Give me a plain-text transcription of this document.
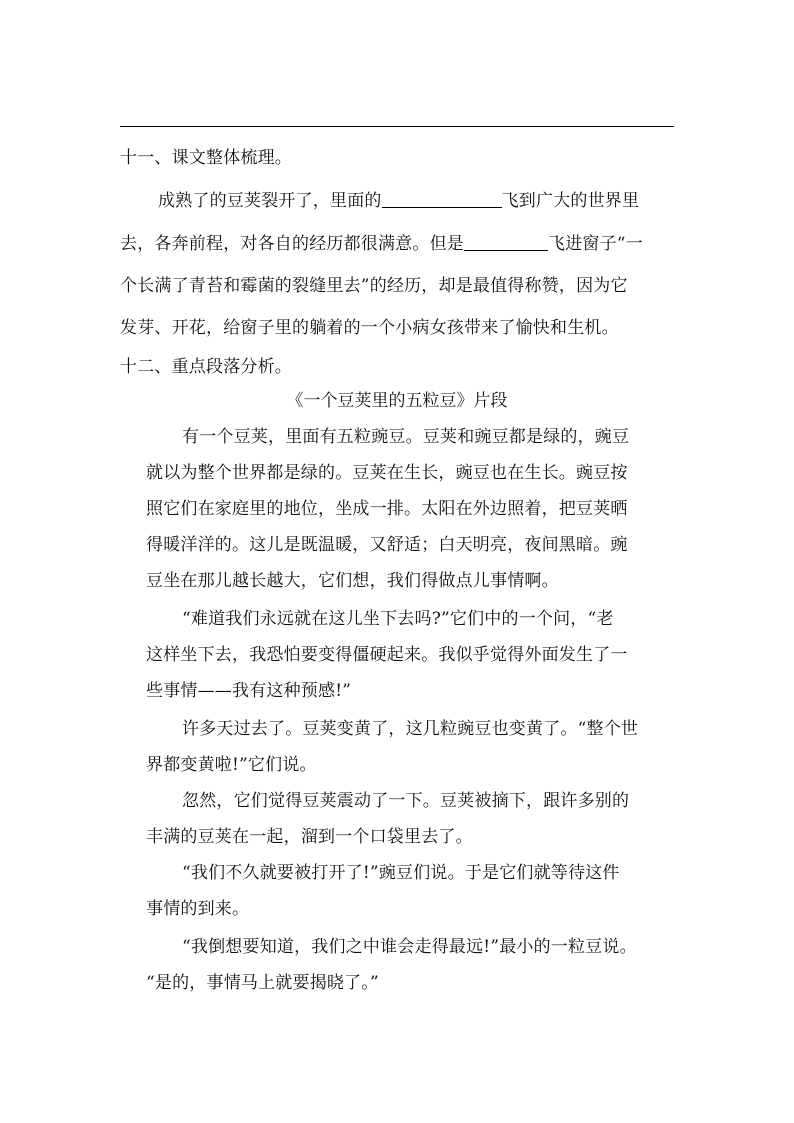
十一、课文整体梳理。
成熟了的豆荚裂开了，里面的	飞到广大的世界里
去，各奔前程，对各自的经历都很满意。但是	飞进窗子“一
个长满了青苔和霉菌的裂缝里去”的经历，却是最值得称赞，因为它
发芽、开花，给窗子里的躺着的一个小病女孩带来了愉快和生机。
十二、重点段落分析。
《一个豆荚里的五粒豆》片段
有一个豆荚，里面有五粒豌豆。豆荚和豌豆都是绿的，豌豆
就以为整个世界都是绿的。豆荚在生长，豌豆也在生长。豌豆按
照它们在家庭里的地位，坐成一排。太阳在外边照着，把豆荚晒
得暖洋洋的。这儿是既温暖，又舒适；白天明亮，夜间黑暗。豌
豆坐在那儿越长越大，它们想，我们得做点儿事情啊。
“难道我们永远就在这儿坐下去吗?”它们中的一个问，“老
这样坐下去，我恐怕要变得僵硬起来。我似乎觉得外面发生了一
些事情——我有这种预感!”
许多天过去了。豆荚变黄了，这几粒豌豆也变黄了。“整个世
界都变黄啦!”它们说。
忽然，它们觉得豆荚震动了一下。豆荚被摘下，跟许多别的
丰满的豆荚在一起，溜到一个口袋里去了。
“我们不久就要被打开了!”豌豆们说。于是它们就等待这件
事情的到来。
“我倒想要知道，我们之中谁会走得最远!”最小的一粒豆说。
“是的，事情马上就要揭晓了。”
